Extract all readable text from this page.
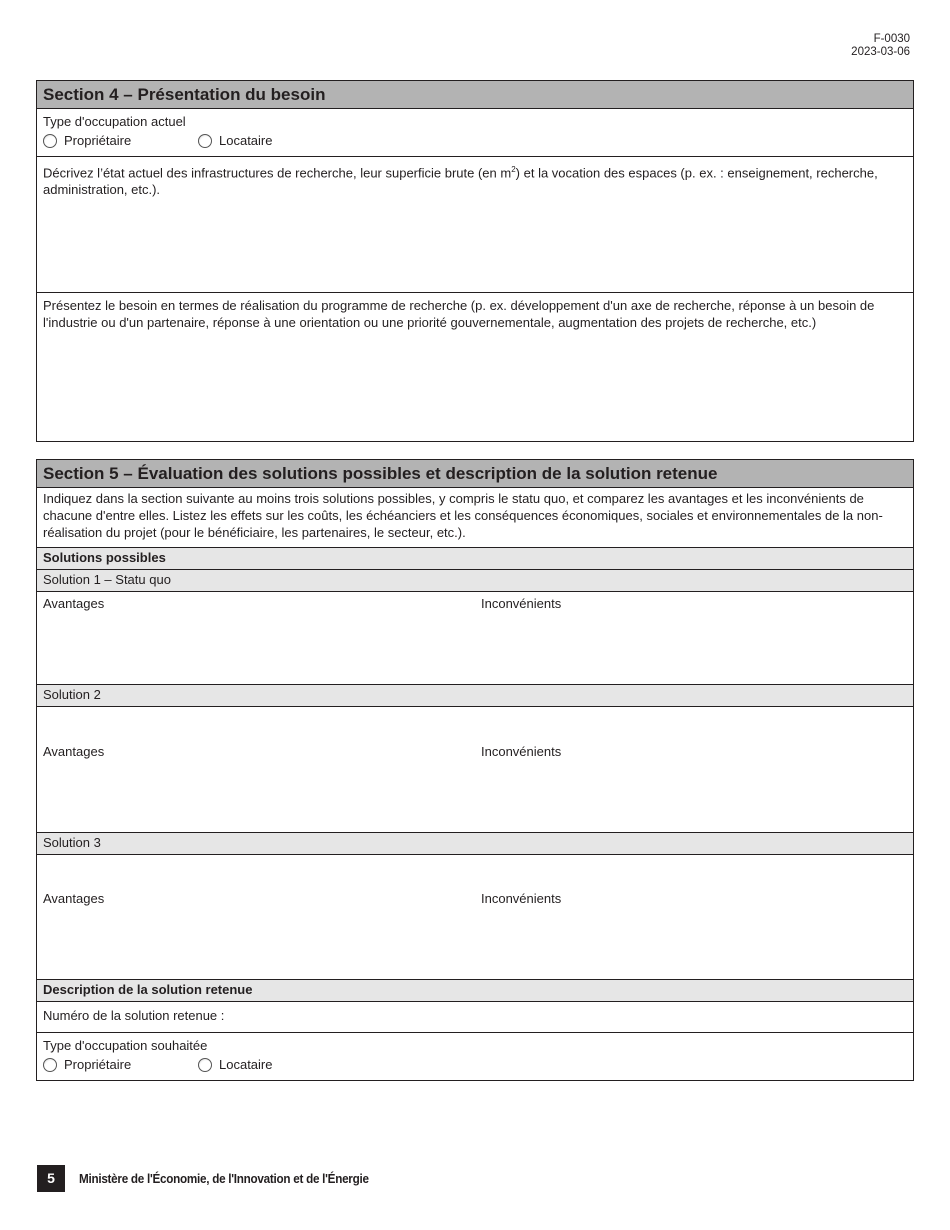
F-0030
2023-03-06
Section 4 – Présentation du besoin
Type d'occupation actuel
Propriétaire	Locataire
Décrivez l’état actuel des infrastructures de recherche, leur superficie brute (en $m^2$) et la vocation des espaces (p. ex. : enseignement, recherche, administration, etc.).
Présentez le besoin en termes de réalisation du programme de recherche (p. ex. développement d'un axe de recherche, réponse à un besoin de l'industrie ou d'un partenaire, réponse à une orientation ou une priorité gouvernementale, augmentation des projets de recherche, etc.)
Section 5 – Évaluation des solutions possibles et description de la solution retenue
Indiquez dans la section suivante au moins trois solutions possibles, y compris le statu quo, et comparez les avantages et les inconvénients de chacune d'entre elles. Listez les effets sur les coûts, les échéanciers et les conséquences économiques, sociales et environnementales de la non-réalisation du projet (pour le bénéficiaire, les partenaires, le secteur, etc.).
Solutions possibles
Solution 1 – Statu quo
Avantages	Inconvénients
Solution 2
Avantages	Inconvénients
Solution 3
Avantages	Inconvénients
Description de la solution retenue
Numéro de la solution retenue :
Type d'occupation souhaitée
Propriétaire	Locataire
5	Ministère de l'Économie, de l'Innovation et de l'Énergie
